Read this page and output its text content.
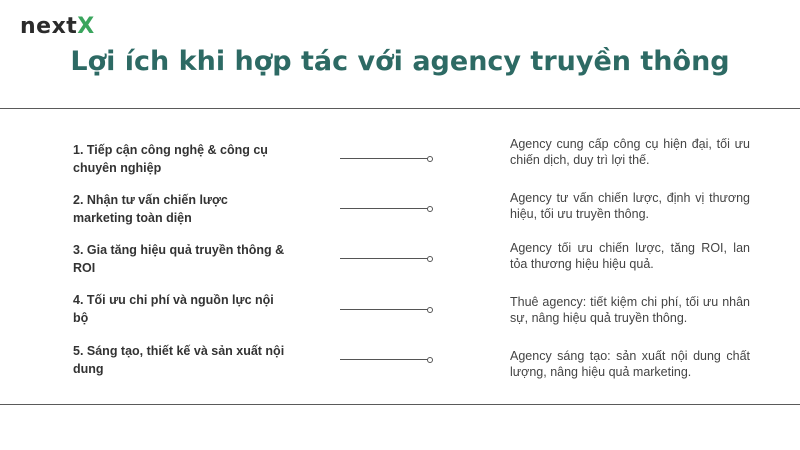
nextX
Lợi ích khi hợp tác với agency truyền thông
1. Tiếp cận công nghệ & công cụ chuyên nghiệp
Agency cung cấp công cụ hiện đại, tối ưu chiến dịch, duy trì lợi thế.
2. Nhận tư vấn chiến lược marketing toàn diện
Agency tư vấn chiến lược, định vị thương hiệu, tối ưu truyền thông.
3. Gia tăng hiệu quả truyền thông & ROI
Agency tối ưu chiến lược, tăng ROI, lan tỏa thương hiệu hiệu quả.
4. Tối ưu chi phí và nguồn lực nội bộ
Thuê agency: tiết kiệm chi phí, tối ưu nhân sự, nâng hiệu quả truyền thông.
5. Sáng tạo, thiết kế và sản xuất nội dung
Agency sáng tạo: sản xuất nội dung chất lượng, nâng hiệu quả marketing.
